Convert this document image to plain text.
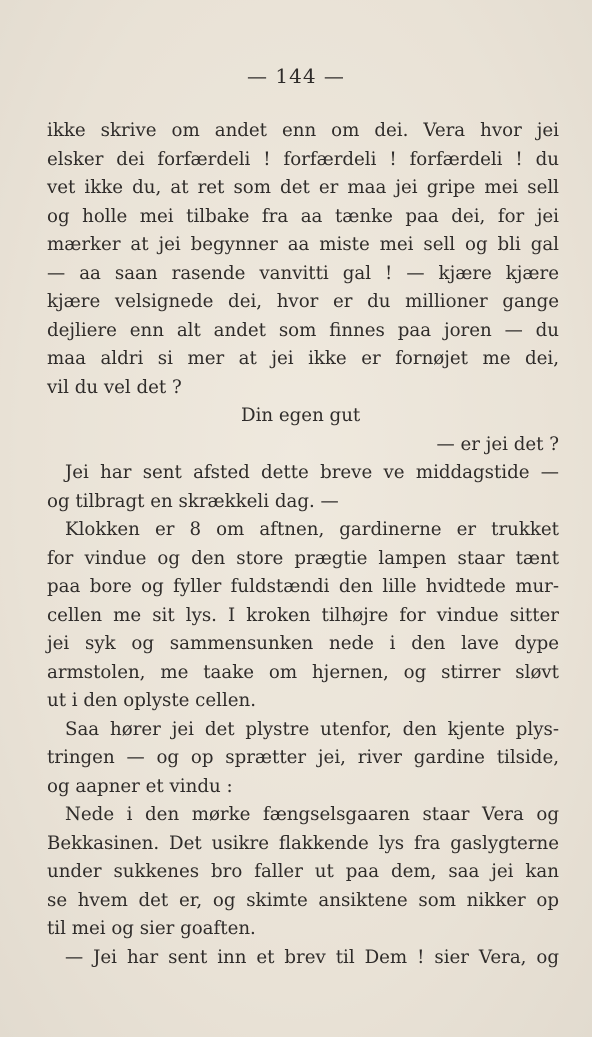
— 144 —
ikke skrive om andet enn om dei. Vera hvor jei
elsker dei forfærdeli ! forfærdeli ! forfærdeli ! du
vet ikke du, at ret som det er maa jei gripe mei sell
og holle mei tilbake fra aa tænke paa dei, for jei
mærker at jei begynner aa miste mei sell og bli gal
— aa saan rasende vanvitti gal ! — kjære kjære
kjære velsignede dei, hvor er du millioner gange
dejliere enn alt andet som finnes paa joren — du
maa aldri si mer at jei ikke er fornøjet me dei,
vil du vel det ?
Din egen gut
— er jei det ?
Jei har sent afsted dette breve ve middagstide —
og tilbragt en skrækkeli dag. —
Klokken er 8 om aftnen, gardinerne er trukket
for vindue og den store prægtie lampen staar tænt
paa bore og fyller fuldstændi den lille hvidtede mur-
cellen me sit lys. I kroken tilhøjre for vindue sitter
jei syk og sammensunken nede i den lave dype
armstolen, me taake om hjernen, og stirrer sløvt
ut i den oplyste cellen.
Saa hører jei det plystre utenfor, den kjente plys-
tringen — og op sprætter jei, river gardine tilside,
og aapner et vindu :
Nede i den mørke fængselsgaaren staar Vera og
Bekkasinen. Det usikre flakkende lys fra gaslygterne
under sukkenes bro faller ut paa dem, saa jei kan
se hvem det er, og skimte ansiktene som nikker op
til mei og sier goaften.
— Jei har sent inn et brev til Dem ! sier Vera, og
